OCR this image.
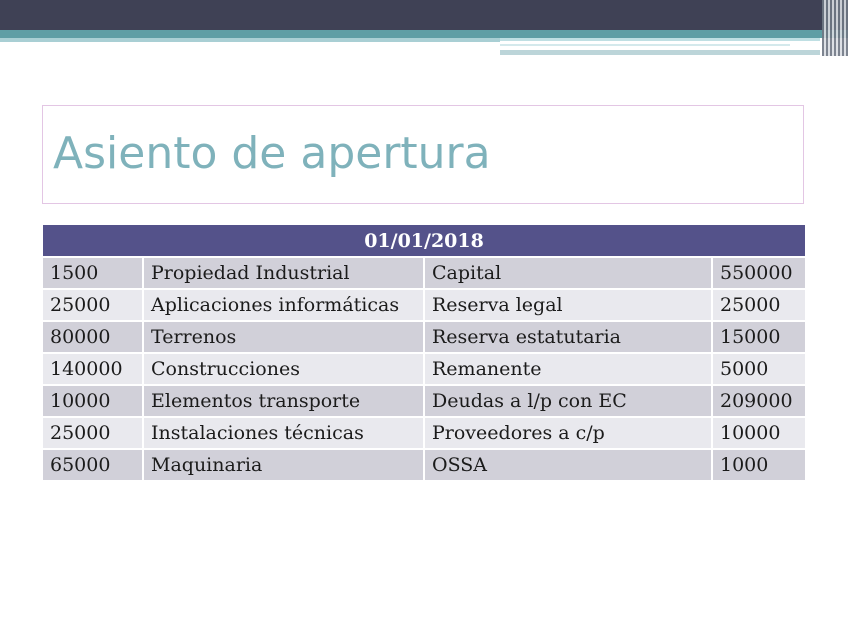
Asiento de apertura
01/01/2018			
1500	Propiedad Industrial	Capital	550000
25000	Aplicaciones informáticas	Reserva legal	25000
80000	Terrenos	Reserva estatutaria	15000
140000	Construcciones	Remanente	5000
10000	Elementos transporte	Deudas a l/p con EC	209000
25000	Instalaciones técnicas	Proveedores a c/p	10000
65000	Maquinaria	OSSA	1000
